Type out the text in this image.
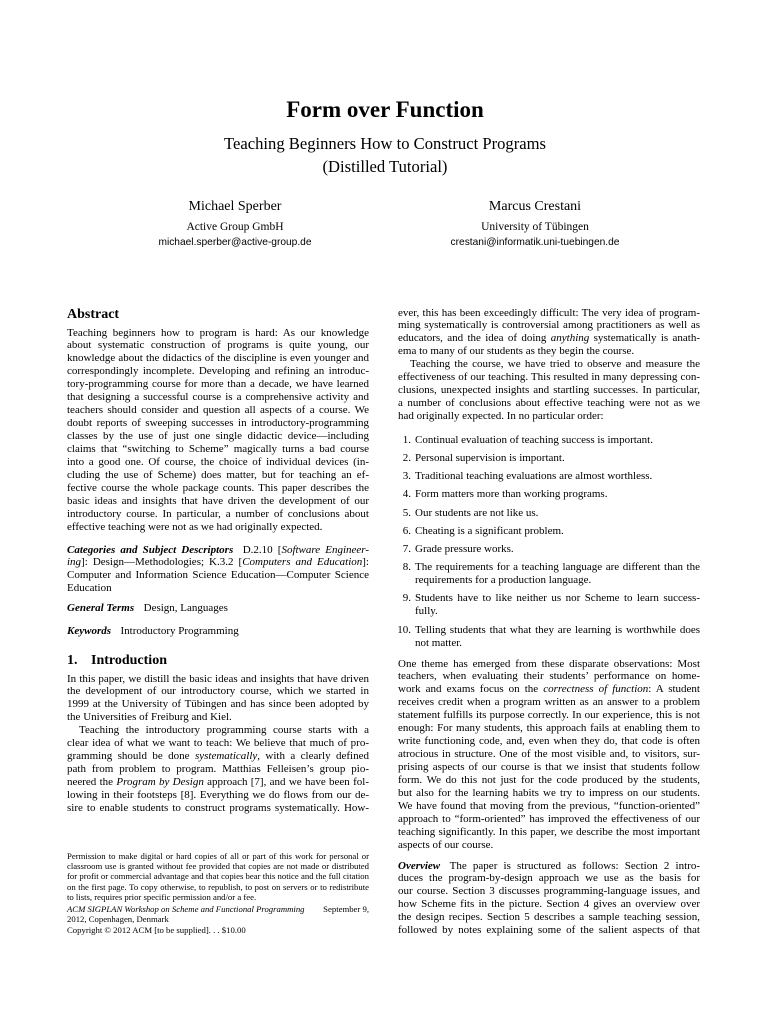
Form over Function
Teaching Beginners How to Construct Programs
(Distilled Tutorial)
Michael Sperber
Active Group GmbH
michael.sperber@active-group.de
Marcus Crestani
University of Tübingen
crestani@informatik.uni-tuebingen.de
Abstract
Teaching beginners how to program is hard: As our knowledge
about systematic construction of programs is quite young, our
knowledge about the didactics of the discipline is even younger and
correspondingly incomplete. Developing and refining an introduc-
tory-programming course for more than a decade, we have learned
that designing a successful course is a comprehensive activity and
teachers should consider and question all aspects of a course. We
doubt reports of sweeping successes in introductory-programming
classes by the use of just one single didactic device—including
claims that “switching to Scheme” magically turns a bad course
into a good one. Of course, the choice of individual devices (in-
cluding the use of Scheme) does matter, but for teaching an ef-
fective course the whole package counts. This paper describes the
basic ideas and insights that have driven the development of our
introductory course. In particular, a number of conclusions about
effective teaching were not as we had originally expected.
Categories and Subject Descriptors D.2.10 [Software Engineer-
ing]: Design—Methodologies; K.3.2 [Computers and Education]:
Computer and Information Science Education—Computer Science
Education
General Terms Design, Languages
Keywords Introductory Programming
1. Introduction
In this paper, we distill the basic ideas and insights that have driven
the development of our introductory course, which we started in
1999 at the University of Tübingen and has since been adopted by
the Universities of Freiburg and Kiel.
Teaching the introductory programming course starts with a
clear idea of what we want to teach: We believe that much of pro-
gramming should be done systematically, with a clearly defined
path from problem to program. Matthias Felleisen’s group pio-
neered the Program by Design approach [7], and we have been fol-
lowing in their footsteps [8]. Everything we do flows from our de-
sire to enable students to construct programs systematically. How-
Permission to make digital or hard copies of all or part of this work for personal or
classroom use is granted without fee provided that copies are not made or distributed
for profit or commercial advantage and that copies bear this notice and the full citation
on the first page. To copy otherwise, to republish, to post on servers or to redistribute
to lists, requires prior specific permission and/or a fee.
ACM SIGPLAN Workshop on Scheme and Functional Programming September 9,
2012, Copenhagen, Denmark
Copyright © 2012 ACM [to be supplied]. . . $10.00
ever, this has been exceedingly difficult: The very idea of program-
ming systematically is controversial among practitioners as well as
educators, and the idea of doing anything systematically is anath-
ema to many of our students as they begin the course.
Teaching the course, we have tried to observe and measure the
effectiveness of our teaching. This resulted in many depressing con-
clusions, unexpected insights and startling successes. In particular,
a number of conclusions about effective teaching were not as we
had originally expected. In no particular order:
1. Continual evaluation of teaching success is important.
2. Personal supervision is important.
3. Traditional teaching evaluations are almost worthless.
4. Form matters more than working programs.
5. Our students are not like us.
6. Cheating is a significant problem.
7. Grade pressure works.
8. The requirements for a teaching language are different than the
requirements for a production language.
9. Students have to like neither us nor Scheme to learn success-
fully.
10. Telling students that what they are learning is worthwhile does
not matter.
One theme has emerged from these disparate observations: Most
teachers, when evaluating their students’ performance on home-
work and exams focus on the correctness of function: A student
receives credit when a program written as an answer to a problem
statement fulfills its purpose correctly. In our experience, this is not
enough: For many students, this approach fails at enabling them to
write functioning code, and, even when they do, that code is often
atrocious in structure. One of the most visible and, to visitors, sur-
prising aspects of our course is that we insist that students follow
form. We do this not just for the code produced by the students,
but also for the learning habits we try to impress on our students.
We have found that moving from the previous, “function-oriented”
approach to “form-oriented” has improved the effectiveness of our
teaching significantly. In this paper, we describe the most important
aspects of our course.
Overview The paper is structured as follows: Section 2 intro-
duces the program-by-design approach we use as the basis for
our course. Section 3 discusses programming-language issues, and
how Scheme fits in the picture. Section 4 gives an overview over
the design recipes. Section 5 describes a sample teaching session,
followed by notes explaining some of the salient aspects of that
